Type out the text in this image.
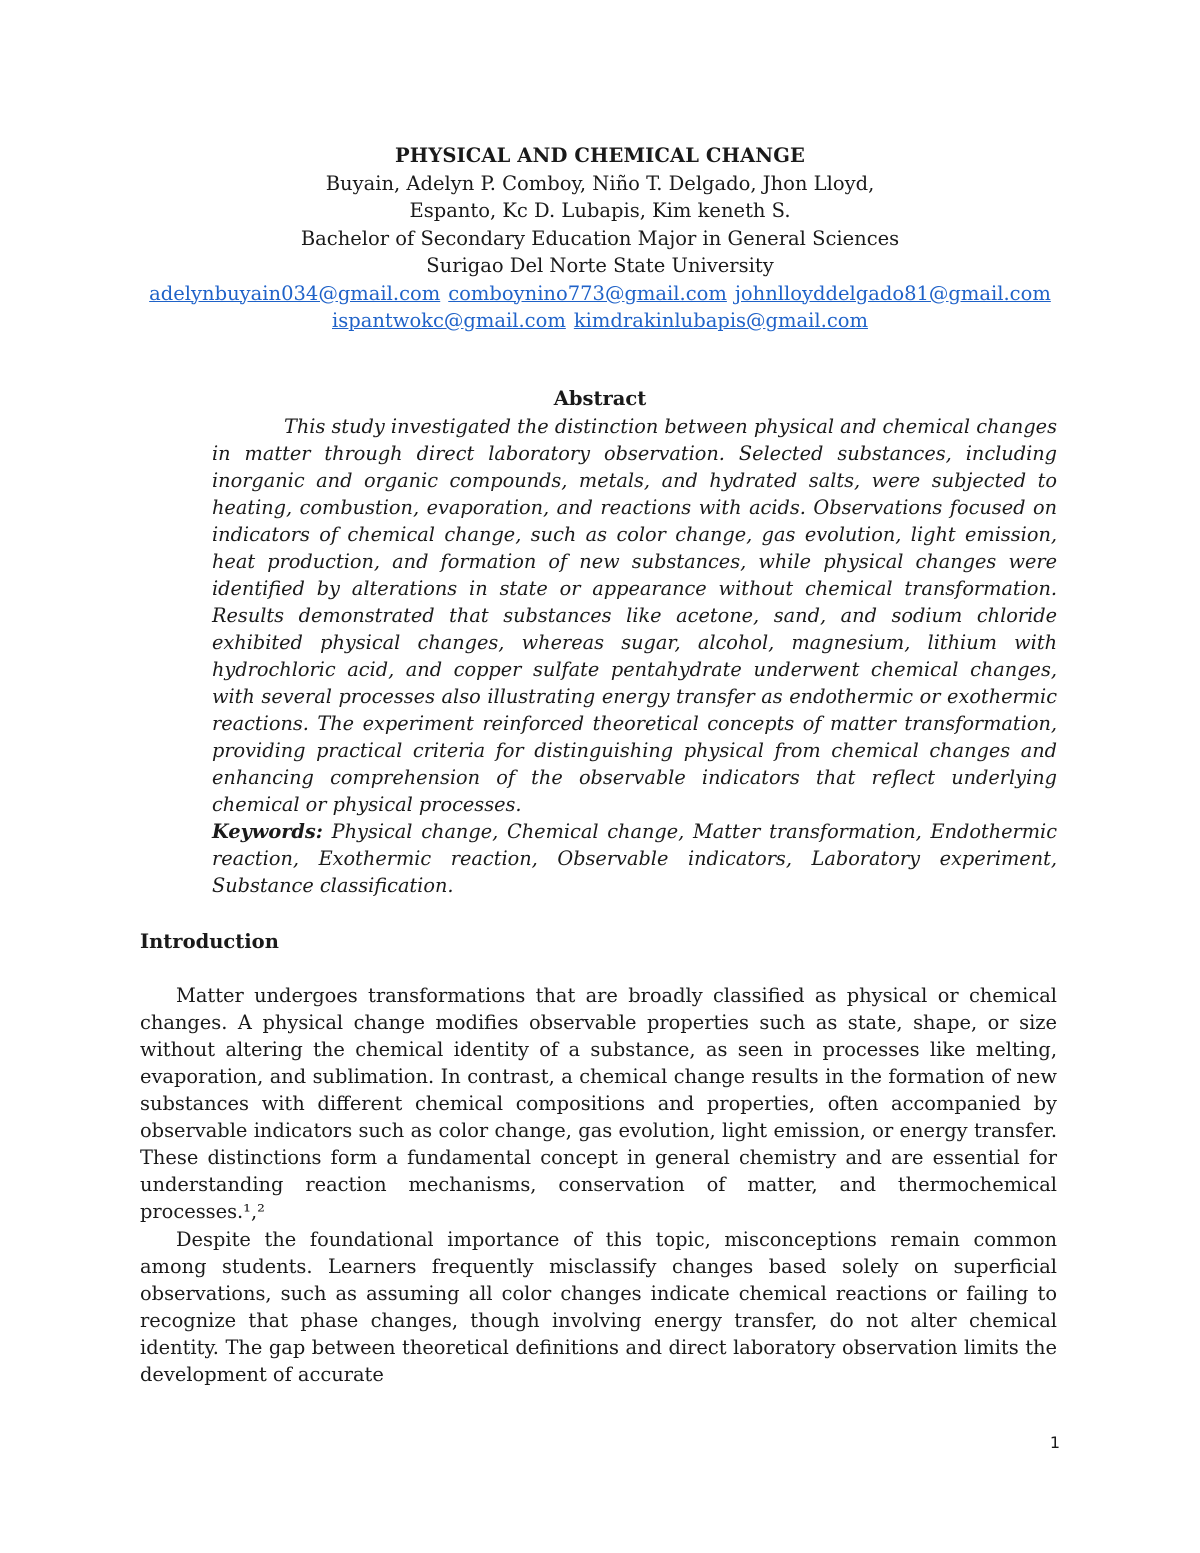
PHYSICAL AND CHEMICAL CHANGE
Buyain, Adelyn P. Comboy, Niño T. Delgado, Jhon Lloyd,
Espanto, Kc D. Lubapis, Kim keneth S.
Bachelor of Secondary Education Major in General Sciences
Surigao Del Norte State University
adelynbuyain034@gmail.com comboynino773@gmail.com johnlloyddelgado81@gmail.com
ispantwokc@gmail.com kimdrakinlubapis@gmail.com
Abstract

This study investigated the distinction between physical and chemical changes in matter through direct laboratory observation. Selected substances, including inorganic and organic compounds, metals, and hydrated salts, were subjected to heating, combustion, evaporation, and reactions with acids. Observations focused on indicators of chemical change, such as color change, gas evolution, light emission, heat production, and formation of new substances, while physical changes were identified by alterations in state or appearance without chemical transformation. Results demonstrated that substances like acetone, sand, and sodium chloride exhibited physical changes, whereas sugar, alcohol, magnesium, lithium with hydrochloric acid, and copper sulfate pentahydrate underwent chemical changes, with several processes also illustrating energy transfer as endothermic or exothermic reactions. The experiment reinforced theoretical concepts of matter transformation, providing practical criteria for distinguishing physical from chemical changes and enhancing comprehension of the observable indicators that reflect underlying chemical or physical processes.

Keywords: Physical change, Chemical change, Matter transformation, Endothermic reaction, Exothermic reaction, Observable indicators, Laboratory experiment, Substance classification.

Introduction

Matter undergoes transformations that are broadly classified as physical or chemical changes. A physical change modifies observable properties such as state, shape, or size without altering the chemical identity of a substance, as seen in processes like melting, evaporation, and sublimation. In contrast, a chemical change results in the formation of new substances with different chemical compositions and properties, often accompanied by observable indicators such as color change, gas evolution, light emission, or energy transfer. These distinctions form a fundamental concept in general chemistry and are essential for understanding reaction mechanisms, conservation of matter, and thermochemical processes.¹,²

Despite the foundational importance of this topic, misconceptions remain common among students. Learners frequently misclassify changes based solely on superficial observations, such as assuming all color changes indicate chemical reactions or failing to recognize that phase changes, though involving energy transfer, do not alter chemical identity. The gap between theoretical definitions and direct laboratory observation limits the development of accurate

1
